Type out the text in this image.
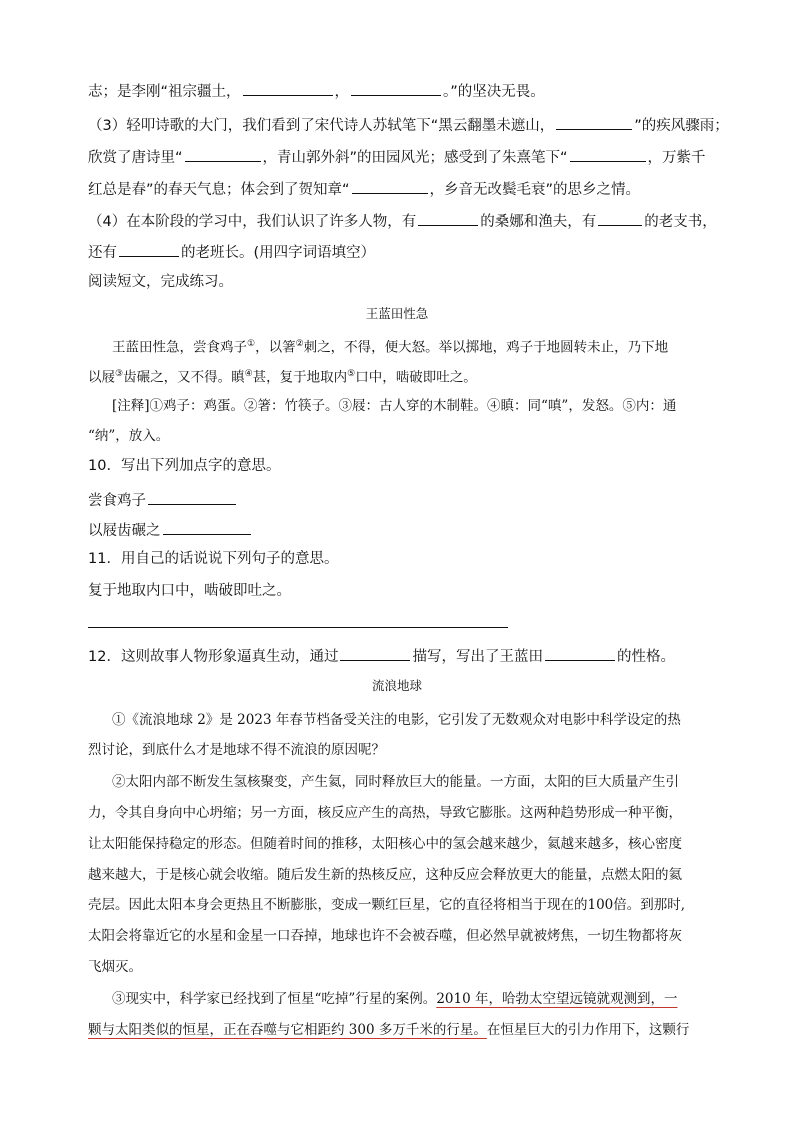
志；是李刚“祖宗疆土，	，	。”的坚决无畏。
（3）轻叩诗歌的大门，我们看到了宋代诗人苏轼笔下“黑云翻墨未遮山，	”的疾风骤雨；
欣赏了唐诗里“	，青山郭外斜”的田园风光；感受到了朱熹笔下“	，万紫千
红总是春”的春天气息；体会到了贺知章“	，乡音无改鬓毛衰”的思乡之情。
（4）在本阶段的学习中，我们认识了许多人物，有	的桑娜和渔夫，有	的老支书，
还有	的老班长。(用四字词语填空）
阅读短文，完成练习。
王蓝田性急
王蓝田性急，尝食鸡子①，以箸②刺之，不得，便大怒。举以掷地，鸡子于地圆转未止，乃下地
以屐③齿碾之，又不得。瞋④甚，复于地取内⑤口中，啮破即吐之。
[注释]①鸡子：鸡蛋。②箸：竹筷子。③屐：古人穿的木制鞋。④瞋：同“嗔”，发怒。⑤内：通
“纳”，放入。
10．写出下列加点字的意思。
尝食鸡子
以屐齿碾之
11．用自己的话说说下列句子的意思。
复于地取内口中，啮破即吐之。
12．这则故事人物形象逼真生动，通过	描写，写出了王蓝田	的性格。
流浪地球
①《流浪地球 2》是 2023 年春节档备受关注的电影，它引发了无数观众对电影中科学设定的热
烈讨论，到底什么才是地球不得不流浪的原因呢？
②太阳内部不断发生氢核聚变，产生氦，同时释放巨大的能量。一方面，太阳的巨大质量产生引
力，令其自身向中心坍缩；另一方面，核反应产生的高热，导致它膨胀。这两种趋势形成一种平衡，
让太阳能保持稳定的形态。但随着时间的推移，太阳核心中的氢会越来越少，氦越来越多，核心密度
越来越大，于是核心就会收缩。随后发生新的热核反应，这种反应会释放更大的能量，点燃太阳的氦
壳层。因此太阳本身会更热且不断膨胀，变成一颗红巨星，它的直径将相当于现在的100倍。到那时,
太阳会将靠近它的水星和金星一口吞掉，地球也许不会被吞噬，但必然早就被烤焦，一切生物都将灰
飞烟灭。
③现实中，科学家已经找到了恒星“吃掉”行星的案例。2010 年，哈勃太空望远镜就观测到，一
颗与太阳类似的恒星，正在吞噬与它相距约 300 多万千米的行星。在恒星巨大的引力作用下，这颗行
